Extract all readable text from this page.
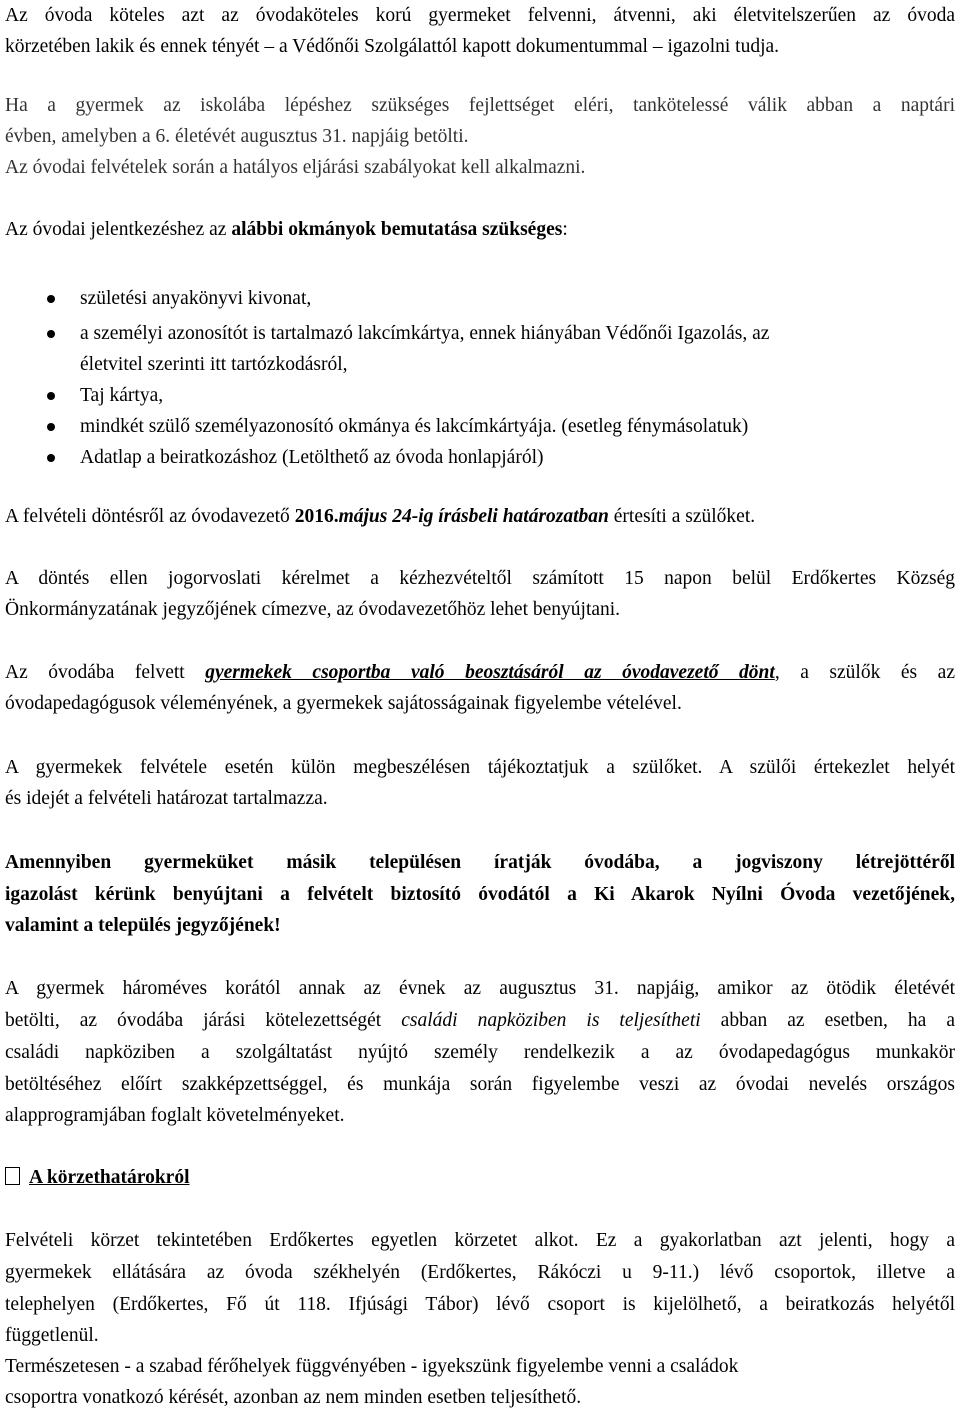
Az óvoda köteles azt az óvodaköteles korú gyermeket felvenni, átvenni, aki életvitelszerűen az óvoda
körzetében lakik és ennek tényét – a Védőnői Szolgálattól kapott dokumentummal – igazolni tudja.
Ha a gyermek az iskolába lépéshez szükséges fejlettséget eléri, tankötelessé válik abban a naptári
évben, amelyben a 6. életévét augusztus 31. napjáig betölti.
Az óvodai felvételek során a hatályos eljárási szabályokat kell alkalmazni.
Az óvodai jelentkezéshez az alábbi okmányok bemutatása szükséges:
születési anyakönyvi kivonat,
a személyi azonosítót is tartalmazó lakcímkártya, ennek hiányában Védőnői Igazolás, az
életvitel szerinti itt tartózkodásról,
Taj kártya,
mindkét szülő személyazonosító okmánya és lakcímkártyája. (esetleg fénymásolatuk)
Adatlap a beiratkozáshoz (Letölthető az óvoda honlapjáról)
A felvételi döntésről az óvodavezető 2016.május 24-ig írásbeli határozatban értesíti a szülőket.
A döntés ellen jogorvoslati kérelmet a kézhezvételtől számított 15 napon belül Erdőkertes Község
Önkormányzatának jegyzőjének címezve, az óvodavezetőhöz lehet benyújtani.
Az óvodába felvett gyermekek csoportba való beosztásáról az óvodavezető dönt, a szülők és az
óvodapedagógusok véleményének, a gyermekek sajátosságainak figyelembe vételével.
A gyermekek felvétele esetén külön megbeszélésen tájékoztatjuk a szülőket. A szülői értekezlet helyét
és idejét a felvételi határozat tartalmazza.
Amennyiben gyermeküket másik településen íratják óvodába, a jogviszony létrejöttéről
igazolást kérünk benyújtani a felvételt biztosító óvodától a Ki Akarok Nyílni Óvoda vezetőjének,
valamint a település jegyzőjének!
A gyermek hároméves korától annak az évnek az augusztus 31. napjáig, amikor az ötödik életévét
betölti, az óvodába járási kötelezettségét családi napközіben is teljesítheti abban az esetben, ha a
családi napköziben a szolgáltatást nyújtó személy rendelkezik a az óvodapedagógus munkakör
betöltéséhez előírt szakképzettséggel, és munkája során figyelembe veszi az óvodai nevelés országos
alapprogramjában foglalt követelményeket.
A körzethatárokról
Felvételi körzet tekintetében Erdőkertes egyetlen körzetet alkot. Ez a gyakorlatban azt jelenti, hogy a
gyermekek ellátására az óvoda székhelyén (Erdőkertes, Rákóczi u 9-11.) lévő csoportok, illetve a
telephelyen (Erdőkertes, Fő út 118. Ifjúsági Tábor) lévő csoport is kijelölhető, a beiratkozás helyétől
függetlenül.
Természetesen - a szabad férőhelyek függvényében - igyekszünk figyelembe venni a családok
csoportra vonatkozó kérését, azonban az nem minden esetben teljesíthető.
